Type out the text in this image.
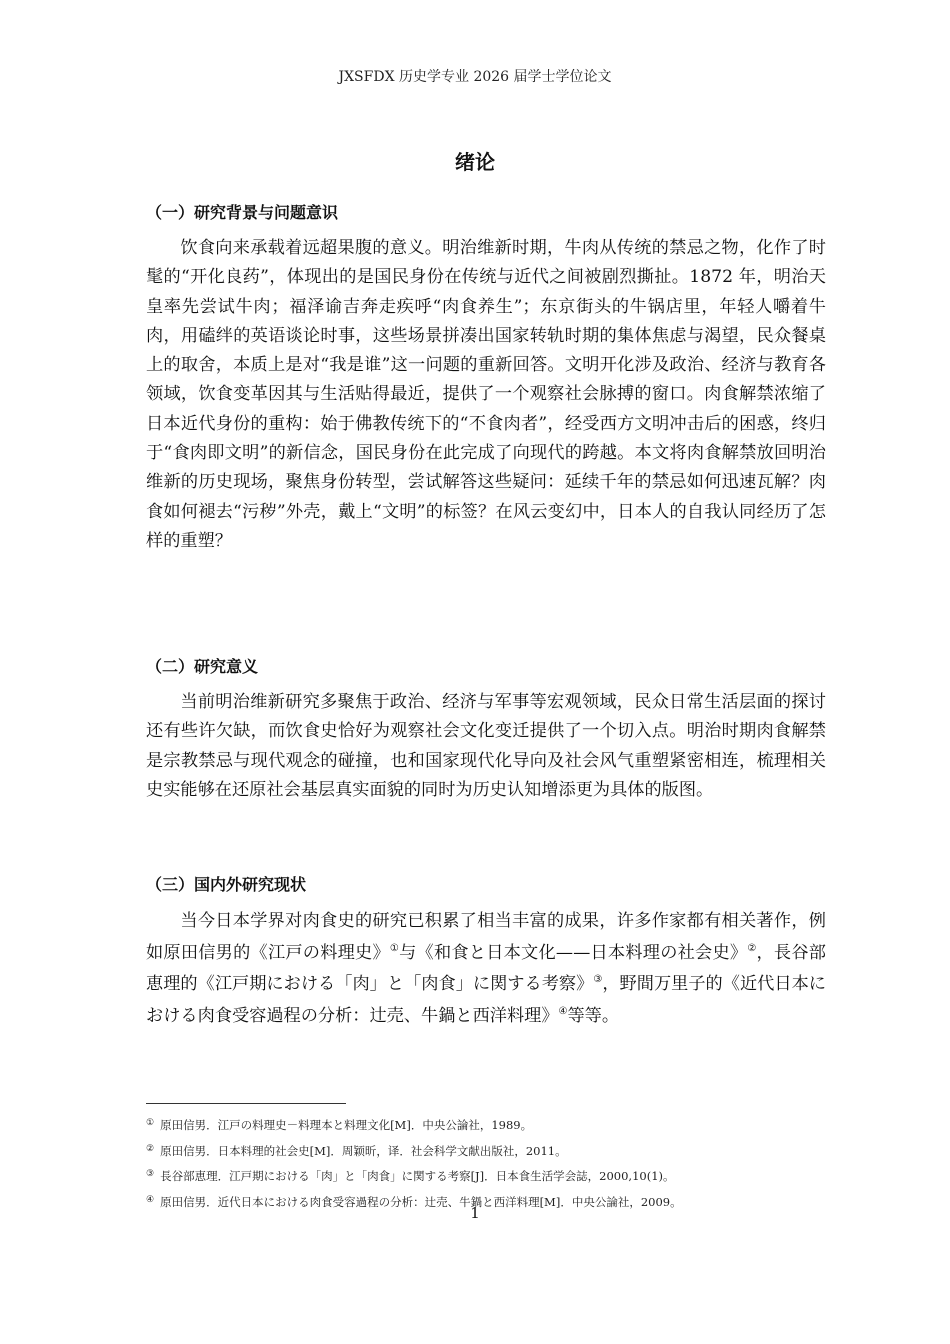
JXSFDX 历史学专业 2026 届学士学位论文
绪论
（一）研究背景与问题意识

饮食向来承载着远超果腹的意义。明治维新时期，牛肉从传统的禁忌之物，化作了时髦的“开化良药”，体现出的是国民身份在传统与近代之间被剧烈撕扯。1872 年，明治天皇率先尝试牛肉；福泽谕吉奔走疾呼“肉食养生”；东京街头的牛锅店里，年轻人嚼着牛肉，用磕绊的英语谈论时事，这些场景拼凑出国家转轨时期的集体焦虑与渴望，民众餐桌上的取舍，本质上是对“我是谁”这一问题的重新回答。文明开化涉及政治、经济与教育各领域，饮食变革因其与生活贴得最近，提供了一个观察社会脉搏的窗口。肉食解禁浓缩了日本近代身份的重构：始于佛教传统下的“不食肉者”，经受西方文明冲击后的困惑，终归于“食肉即文明”的新信念，国民身份在此完成了向现代的跨越。本文将肉食解禁放回明治维新的历史现场，聚焦身份转型，尝试解答这些疑问：延续千年的禁忌如何迅速瓦解？肉食如何褪去“污秽”外壳，戴上“文明”的标签？在风云变幻中，日本人的自我认同经历了怎样的重塑？

（二）研究意义

当前明治维新研究多聚焦于政治、经济与军事等宏观领域，民众日常生活层面的探讨还有些许欠缺，而饮食史恰好为观察社会文化变迁提供了一个切入点。明治时期肉食解禁是宗教禁忌与现代观念的碰撞，也和国家现代化导向及社会风气重塑紧密相连，梳理相关史实能够在还原社会基层真实面貌的同时为历史认知增添更为具体的版图。

（三）国内外研究现状

当今日本学界对肉食史的研究已积累了相当丰富的成果，许多作家都有相关著作，例如原田信男的《江戸の料理史》①与《和食と日本文化——日本料理の社会史》②，長谷部恵理的《江戸期における「肉」と「肉食」に関する考察》③，野間万里子的《近代日本における肉食受容過程の分析：辻売、牛鍋と西洋料理》④等等。

① 原田信男．江戸の料理史－料理本と料理文化[M]．中央公論社，1989。
② 原田信男．日本料理的社会史[M]．周颖昕，译．社会科学文献出版社，2011。
③ 長谷部恵理．江戸期における「肉」と「肉食」に関する考察[J]．日本食生活学会誌，2000,10(1)。
④ 原田信男．近代日本における肉食受容過程の分析：辻売、牛鍋と西洋料理[M]．中央公論社，2009。
1
